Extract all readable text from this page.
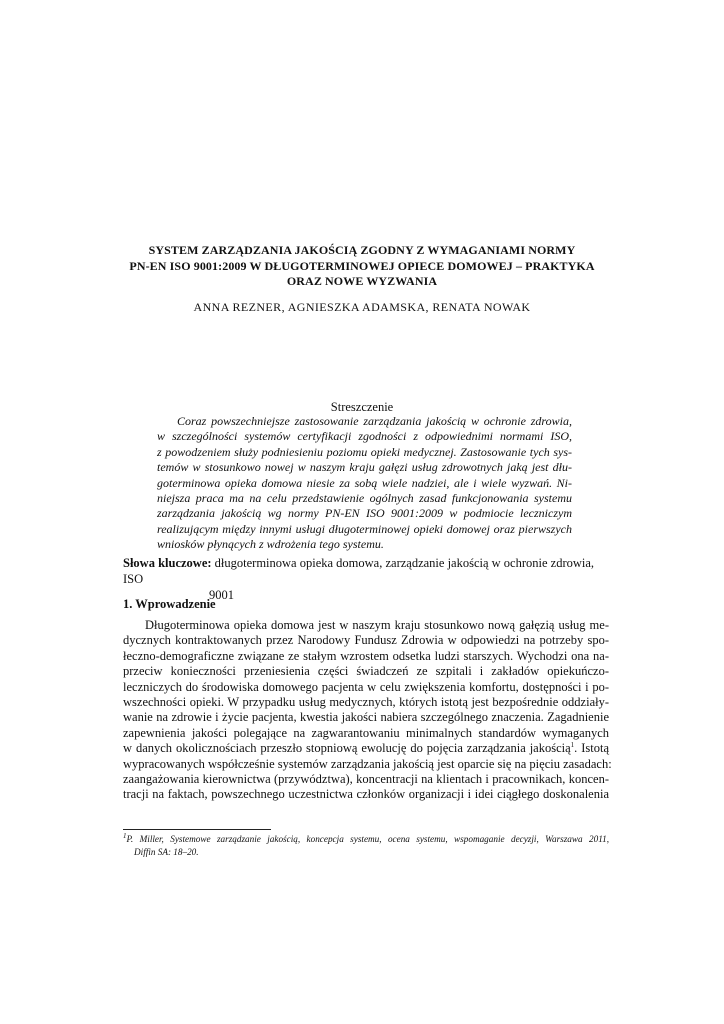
SYSTEM ZARZĄDZANIA JAKOŚCIĄ ZGODNY Z WYMAGANIAMI NORMY
PN-EN ISO 9001:2009 W DŁUGOTERMINOWEJ OPIECE DOMOWEJ – PRAKTYKA
ORAZ NOWE WYZWANIA
ANNA REZNER, AGNIESZKA ADAMSKA, RENATA NOWAK
Streszczenie
Coraz powszechniejsze zastosowanie zarządzania jakością w ochronie zdrowia,
w szczególności systemów certyfikacji zgodności z odpowiednimi normami ISO,
z powodzeniem służy podniesieniu poziomu opieki medycznej. Zastosowanie tych sys-
temów w stosunkowo nowej w naszym kraju gałęzi usług zdrowotnych jaką jest dłu-
goterminowa opieka domowa niesie za sobą wiele nadziei, ale i wiele wyzwań. Ni-
niejsza praca ma na celu przedstawienie ogólnych zasad funkcjonowania systemu
zarządzania jakością wg normy PN-EN ISO 9001:2009 w podmiocie leczniczym
realizującym między innymi usługi długoterminowej opieki domowej oraz pierwszych
wniosków płynących z wdrożenia tego systemu.
Słowa kluczowe: długoterminowa opieka domowa, zarządzanie jakością w ochronie zdrowia, ISO
9001
1. Wprowadzenie
Długoterminowa opieka domowa jest w naszym kraju stosunkowo nową gałęzią usług me-
dycznych kontraktowanych przez Narodowy Fundusz Zdrowia w odpowiedzi na potrzeby spo-
łeczno-demograficzne związane ze stałym wzrostem odsetka ludzi starszych. Wychodzi ona na-
przeciw konieczności przeniesienia części świadczeń ze szpitali i zakładów opiekuńczo-
leczniczych do środowiska domowego pacjenta w celu zwiększenia komfortu, dostępności i po-
wszechności opieki. W przypadku usług medycznych, których istotą jest bezpośrednie oddziały-
wanie na zdrowie i życie pacjenta, kwestia jakości nabiera szczególnego znaczenia. Zagadnienie
zapewnienia jakości polegające na zagwarantowaniu minimalnych standardów wymaganych
w danych okolicznościach przeszło stopniową ewolucję do pojęcia zarządzania jakością$^1$. Istotą
wypracowanych współcześnie systemów zarządzania jakością jest oparcie się na pięciu zasadach:
zaangażowania kierownictwa (przywództwa), koncentracji na klientach i pracownikach, koncen-
tracji na faktach, powszechnego uczestnictwa członków organizacji i idei ciągłego doskonalenia
$^1$P. Miller, Systemowe zarządzanie jakością, koncepcja systemu, ocena systemu, wspomaganie decyzji, Warszawa 2011,
Diffin SA: 18–20.
